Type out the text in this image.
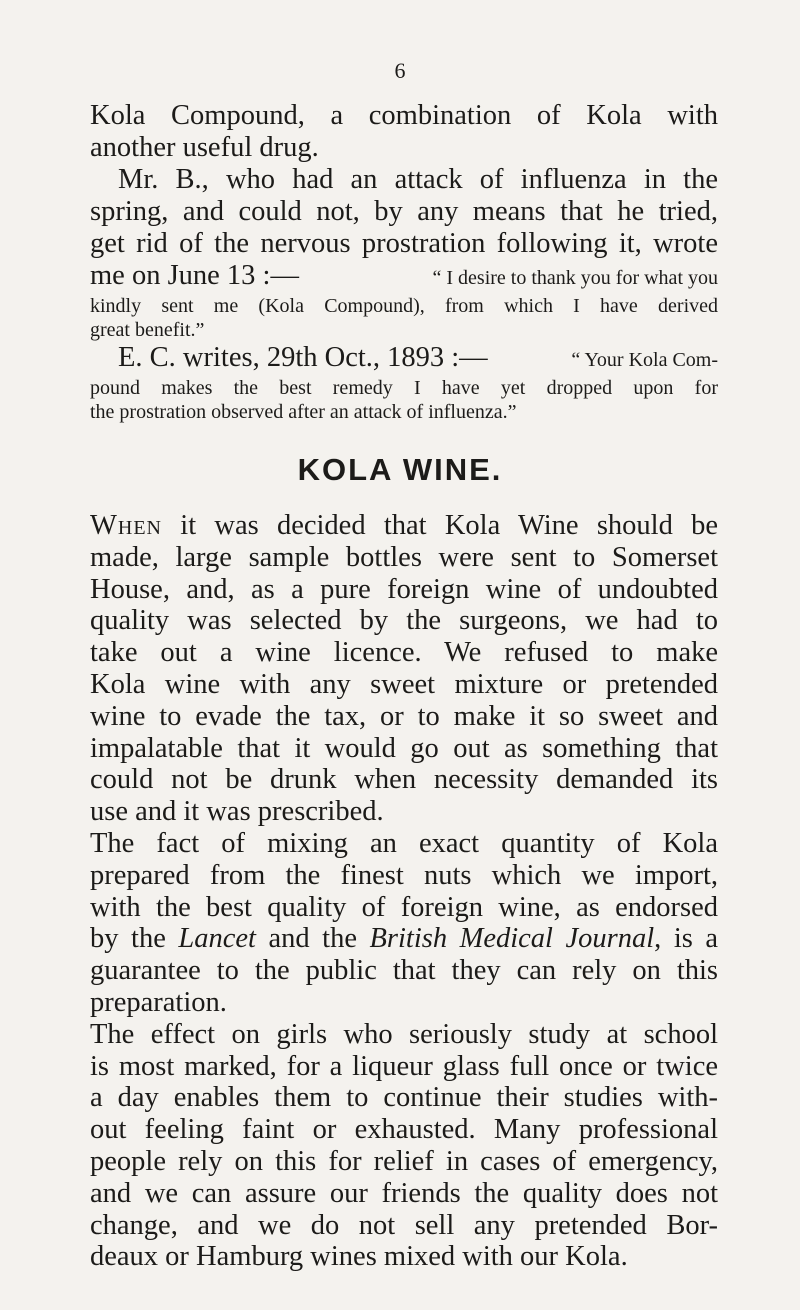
6
Kola Compound, a combination of Kola with
another useful drug.
Mr. B., who had an attack of influenza in the
spring, and could not, by any means that he tried,
get rid of the nervous prostration following it, wrote
me on June 13 :—	“ I desire to thank you for what you
kindly sent me (Kola Compound), from which I have derived
great benefit.”
E. C. writes, 29th Oct., 1893 :—	“ Your Kola Com-
pound makes the best remedy I have yet dropped upon for
the prostration observed after an attack of influenza.”
KOLA WINE.
When it was decided that Kola Wine should be
made, large sample bottles were sent to Somerset
House, and, as a pure foreign wine of undoubted
quality was selected by the surgeons, we had to
take out a wine licence. We refused to make
Kola wine with any sweet mixture or pretended
wine to evade the tax, or to make it so sweet and
impalatable that it would go out as something that
could not be drunk when necessity demanded its
use and it was prescribed.
The fact of mixing an exact quantity of Kola
prepared from the finest nuts which we import,
with the best quality of foreign wine, as endorsed
by the Lancet and the British Medical Journal, is a
guarantee to the public that they can rely on this
preparation.
The effect on girls who seriously study at school
is most marked, for a liqueur glass full once or twice
a day enables them to continue their studies with-
out feeling faint or exhausted. Many professional
people rely on this for relief in cases of emergency,
and we can assure our friends the quality does not
change, and we do not sell any pretended Bor-
deaux or Hamburg wines mixed with our Kola.
